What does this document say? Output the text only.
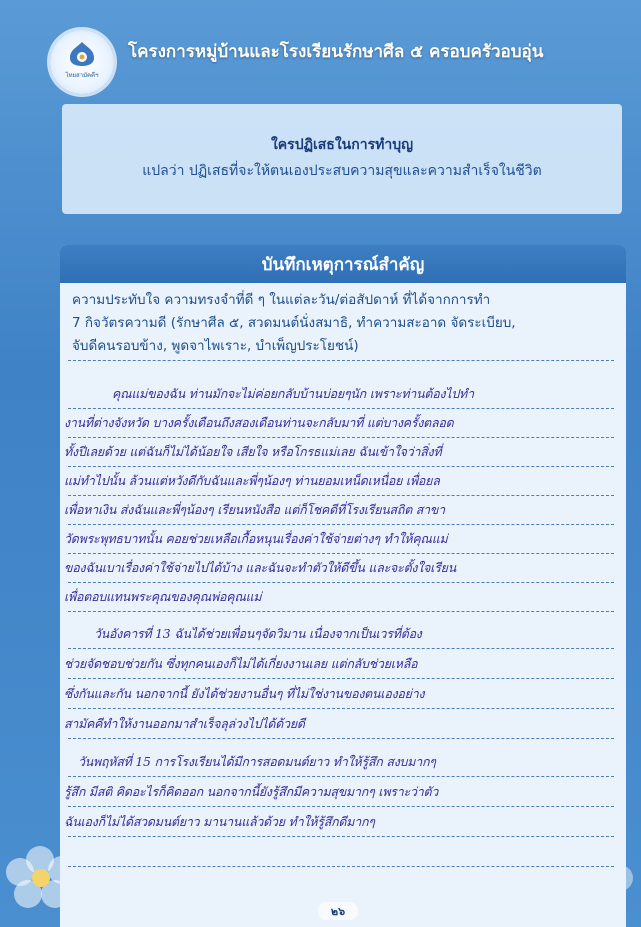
ไทยสามัคคีฯ
โครงการหมู่บ้านและโรงเรียนรักษาศีล ๕ ครอบครัวอบอุ่น
ใครปฏิเสธในการทำบุญ
แปลว่า ปฏิเสธที่จะให้ตนเองประสบความสุขและความสำเร็จในชีวิต
บันทึกเหตุการณ์สำคัญ
ความประทับใจ ความทรงจำที่ดี ๆ ในแต่ละวัน/ต่อสัปดาห์ ที่ได้จากการทำ
7 กิจวัตรความดี (รักษาศีล ๕, สวดมนต์นั่งสมาธิ, ทำความสะอาด จัดระเบียบ,
จับดีคนรอบข้าง, พูดจาไพเราะ, บำเพ็ญประโยชน์)
คุณแม่ของฉัน ท่านมักจะไม่ค่อยกลับบ้านบ่อยๆนัก เพราะท่านต้องไปทำ
งานที่ต่างจังหวัด บางครั้งเดือนถึงสองเดือนท่านจะกลับมาที่ แต่บางครั้งตลอด
ทั้งปีเลยด้วย แต่ฉันก็ไม่ได้น้อยใจ เสียใจ หรือโกรธแม่เลย ฉันเข้าใจว่าสิ่งที่
แม่ทำไปนั้น ล้วนแต่หวังดีกับฉันและพี่ๆน้องๆ ท่านยอมเหน็ดเหนื่อย เพื่อยล
เพื่อหาเงิน ส่งฉันและพี่ๆน้องๆ เรียนหนังสือ แต่ก็โชคดีที่โรงเรียนสถิต สาขา
วัดพระพุทธบาทนั้น คอยช่วยเหลือเกื้อหนุนเรื่องค่าใช้จ่ายต่างๆ ทำให้คุณแม่
ของฉันเบาเรื่องค่าใช้จ่ายไปได้บ้าง และฉันจะทำตัวให้ดีขึ้น และจะตั้งใจเรียน
เพื่อตอบแทนพระคุณของคุณพ่อคุณแม่
วันอังคารที่ 13 ฉันได้ช่วยเพื่อนๆจัดวิมาน เนื่องจากเป็นเวรที่ต้อง
ช่วยจัดชอบช่วยกัน ซึ่งทุกคนเองก็ไม่ได้เกี่ยงงานเลย แต่กลับช่วยเหลือ
ซึ่งกันและกัน นอกจากนี้ ยังได้ช่วยงานอื่นๆ ที่ไม่ใช่งานของตนเองอย่าง
สามัคคีทำให้งานออกมาสำเร็จลุล่วงไปได้ด้วยดี
วันพฤหัสที่ 15 การโรงเรียนได้มีการสอดมนต์ยาว ทำให้รู้สึก สงบมากๆ
รู้สึก มีสติ คิดอะไรก็คิดออก นอกจากนี้ยังรู้สึกมีความสุขมากๆ เพราะว่าตัว
ฉันเองก็ไม่ได้สวดมนต์ยาว มานานแล้วด้วย ทำให้รู้สึกดีมากๆ
๒๖
